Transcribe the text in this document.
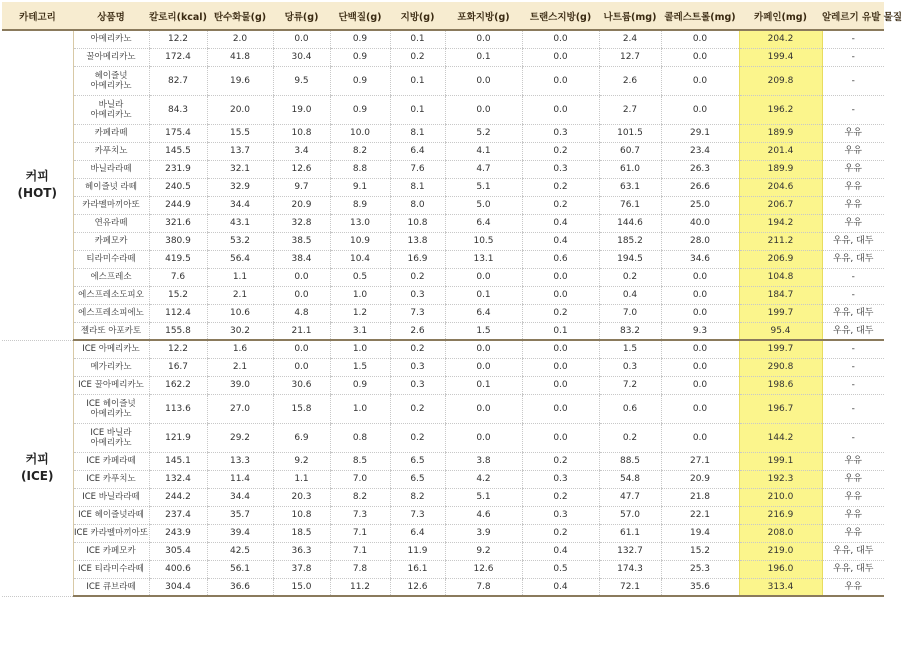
카테고리	상품명	칼로리(kcal)	탄수화물(g)	당류(g)	단백질(g)	지방(g)	포화지방(g)	트랜스지방(g)	나트륨(mg)	콜레스트롤(mg)	카페인(mg)	알레르기 유발 물질

커피
(HOT)	아메리카노	12.2	2.0	0.0	0.9	0.1	0.0	0.0	2.4	0.0	204.2	-

	꿀아메리카노	172.4	41.8	30.4	0.9	0.2	0.1	0.0	12.7	0.0	199.4	-

	헤이즐넛
아메리카노	82.7	19.6	9.5	0.9	0.1	0.0	0.0	2.6	0.0	209.8	-

	바닐라
아메리카노	84.3	20.0	19.0	0.9	0.1	0.0	0.0	2.7	0.0	196.2	-

	카페라떼	175.4	15.5	10.8	10.0	8.1	5.2	0.3	101.5	29.1	189.9	우유

	카푸치노	145.5	13.7	3.4	8.2	6.4	4.1	0.2	60.7	23.4	201.4	우유

	바닐라라떼	231.9	32.1	12.6	8.8	7.6	4.7	0.3	61.0	26.3	189.9	우유

	헤이즐넛 라떼	240.5	32.9	9.7	9.1	8.1	5.1	0.2	63.1	26.6	204.6	우유

	카라멜마끼아또	244.9	34.4	20.9	8.9	8.0	5.0	0.2	76.1	25.0	206.7	우유

	연유라떼	321.6	43.1	32.8	13.0	10.8	6.4	0.4	144.6	40.0	194.2	우유

	카페모카	380.9	53.2	38.5	10.9	13.8	10.5	0.4	185.2	28.0	211.2	우유, 대두

	티라미수라떼	419.5	56.4	38.4	10.4	16.9	13.1	0.6	194.5	34.6	206.9	우유, 대두

	에스프레소	7.6	1.1	0.0	0.5	0.2	0.0	0.0	0.2	0.0	104.8	-

	에스프레소도피오	15.2	2.1	0.0	1.0	0.3	0.1	0.0	0.4	0.0	184.7	-

	에스프레소피에노	112.4	10.6	4.8	1.2	7.3	6.4	0.2	7.0	0.0	199.7	우유, 대두

	젤라또 아포카토	155.8	30.2	21.1	3.1	2.6	1.5	0.1	83.2	9.3	95.4	우유, 대두

커피
(ICE)	ICE 아메리카노	12.2	1.6	0.0	1.0	0.2	0.0	0.0	1.5	0.0	199.7	-

	메가리카노	16.7	2.1	0.0	1.5	0.3	0.0	0.0	0.3	0.0	290.8	-

	ICE 꿀아메리카노	162.2	39.0	30.6	0.9	0.3	0.1	0.0	7.2	0.0	198.6	-

	ICE 헤이즐넛
아메리카노	113.6	27.0	15.8	1.0	0.2	0.0	0.0	0.6	0.0	196.7	-

	ICE 바닐라
아메리카노	121.9	29.2	6.9	0.8	0.2	0.0	0.0	0.2	0.0	144.2	-

	ICE 카페라떼	145.1	13.3	9.2	8.5	6.5	3.8	0.2	88.5	27.1	199.1	우유

	ICE 카푸치노	132.4	11.4	1.1	7.0	6.5	4.2	0.3	54.8	20.9	192.3	우유

	ICE 바닐라라떼	244.2	34.4	20.3	8.2	8.2	5.1	0.2	47.7	21.8	210.0	우유

	ICE 헤이즐넛라떼	237.4	35.7	10.8	7.3	7.3	4.6	0.3	57.0	22.1	216.9	우유

	ICE 카라멜마끼아또	243.9	39.4	18.5	7.1	6.4	3.9	0.2	61.1	19.4	208.0	우유

	ICE 카페모카	305.4	42.5	36.3	7.1	11.9	9.2	0.4	132.7	15.2	219.0	우유, 대두

	ICE 티라미수라떼	400.6	56.1	37.8	7.8	16.1	12.6	0.5	174.3	25.3	196.0	우유, 대두

	ICE 큐브라떼	304.4	36.6	15.0	11.2	12.6	7.8	0.4	72.1	35.6	313.4	우유
